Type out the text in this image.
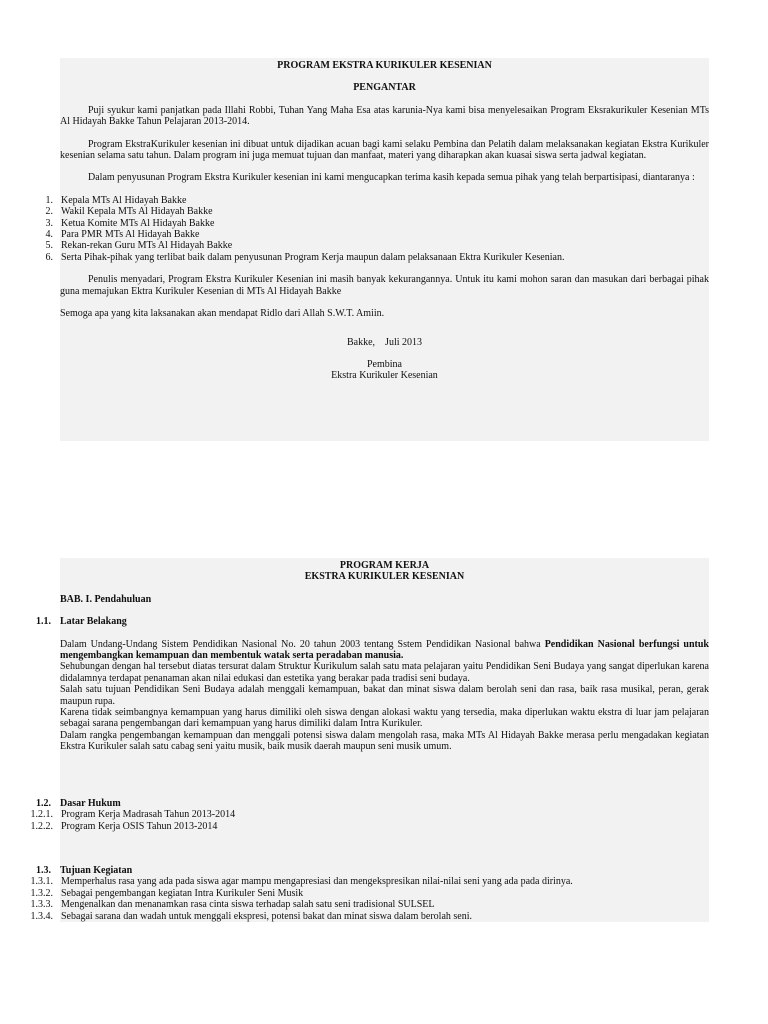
PROGRAM EKSTRA KURIKULER KESENIAN

PENGANTAR

Puji syukur kami panjatkan pada Illahi Robbi, Tuhan Yang Maha Esa atas karunia-Nya kami bisa menyelesaikan Program Eksrakurikuler Kesenian MTs Al Hidayah Bakke Tahun Pelajaran 2013-2014.

Program EkstraKurikuler kesenian ini dibuat untuk dijadikan acuan bagi kami selaku Pembina dan Pelatih dalam melaksanakan kegiatan Ekstra Kurikuler kesenian selama satu tahun. Dalam program ini juga memuat tujuan dan manfaat, materi yang diharapkan akan kuasai siswa serta jadwal kegiatan.

Dalam penyusunan Program Ekstra Kurikuler kesenian ini kami mengucapkan terima kasih kepada semua pihak yang telah berpartisipasi, diantaranya :

1. Kepala MTs Al Hidayah Bakke
2. Wakil Kepala MTs Al Hidayah Bakke
3. Ketua Komite MTs Al Hidayah Bakke
4. Para PMR MTs Al Hidayah Bakke
5. Rekan-rekan Guru MTs Al Hidayah Bakke
6. Serta Pihak-pihak yang terlibat baik dalam penyusunan Program Kerja maupun dalam pelaksanaan Ektra Kurikuler Kesenian.

Penulis menyadari, Program Ekstra Kurikuler Kesenian ini masih banyak kekurangannya. Untuk itu kami mohon saran dan masukan dari berbagai pihak guna memajukan Ektra Kurikuler Kesenian di MTs Al Hidayah Bakke

Semoga apa yang kita laksanakan akan mendapat Ridlo dari Allah S.W.T. Amiin.

Bakke,    Juli 2013

Pembina

Ekstra Kurikuler Kesenian

PROGRAM KERJA

EKSTRA KURIKULER KESENIAN

BAB. I. Pendahuluan

1.1. Latar Belakang

Dalam Undang-Undang Sistem Pendidikan Nasional No. 20 tahun 2003 tentang Sstem Pendidikan Nasional bahwa Pendidikan Nasional berfungsi untuk mengembangkan kemampuan dan membentuk watak serta peradaban manusia.

Sehubungan dengan hal tersebut diatas tersurat dalam Struktur Kurikulum salah satu mata pelajaran yaitu Pendidikan Seni Budaya yang sangat diperlukan karena didalamnya terdapat penanaman akan nilai edukasi dan estetika yang berakar pada tradisi seni budaya.

Salah satu tujuan Pendidikan Seni Budaya adalah menggali kemampuan, bakat dan minat siswa dalam berolah seni dan rasa, baik rasa musikal, peran, gerak maupun rupa.

Karena tidak seimbangnya kemampuan yang harus dimiliki oleh siswa dengan alokasi waktu yang tersedia, maka diperlukan waktu ekstra di luar jam pelajaran sebagai sarana pengembangan dari kemampuan yang harus dimiliki dalam Intra Kurikuler.

Dalam rangka pengembangan kemampuan dan menggali potensi siswa dalam mengolah rasa, maka MTs Al Hidayah Bakke merasa perlu mengadakan kegiatan Ekstra Kurikuler salah satu cabag seni yaitu musik, baik musik daerah maupun seni musik umum.

1.2. Dasar Hukum

1.2.1. Program Kerja Madrasah Tahun 2013-2014
1.2.2. Program Kerja OSIS Tahun 2013-2014

1.3. Tujuan Kegiatan

1.3.1. Memperhalus rasa yang ada pada siswa agar mampu mengapresiasi dan mengekspresikan nilai-nilai seni yang ada pada dirinya.
1.3.2. Sebagai pengembangan kegiatan Intra Kurikuler Seni Musik
1.3.3. Mengenalkan dan menanamkan rasa cinta siswa terhadap salah satu seni tradisional SULSEL
1.3.4. Sebagai sarana dan wadah untuk menggali ekspresi, potensi bakat dan minat siswa dalam berolah seni.
